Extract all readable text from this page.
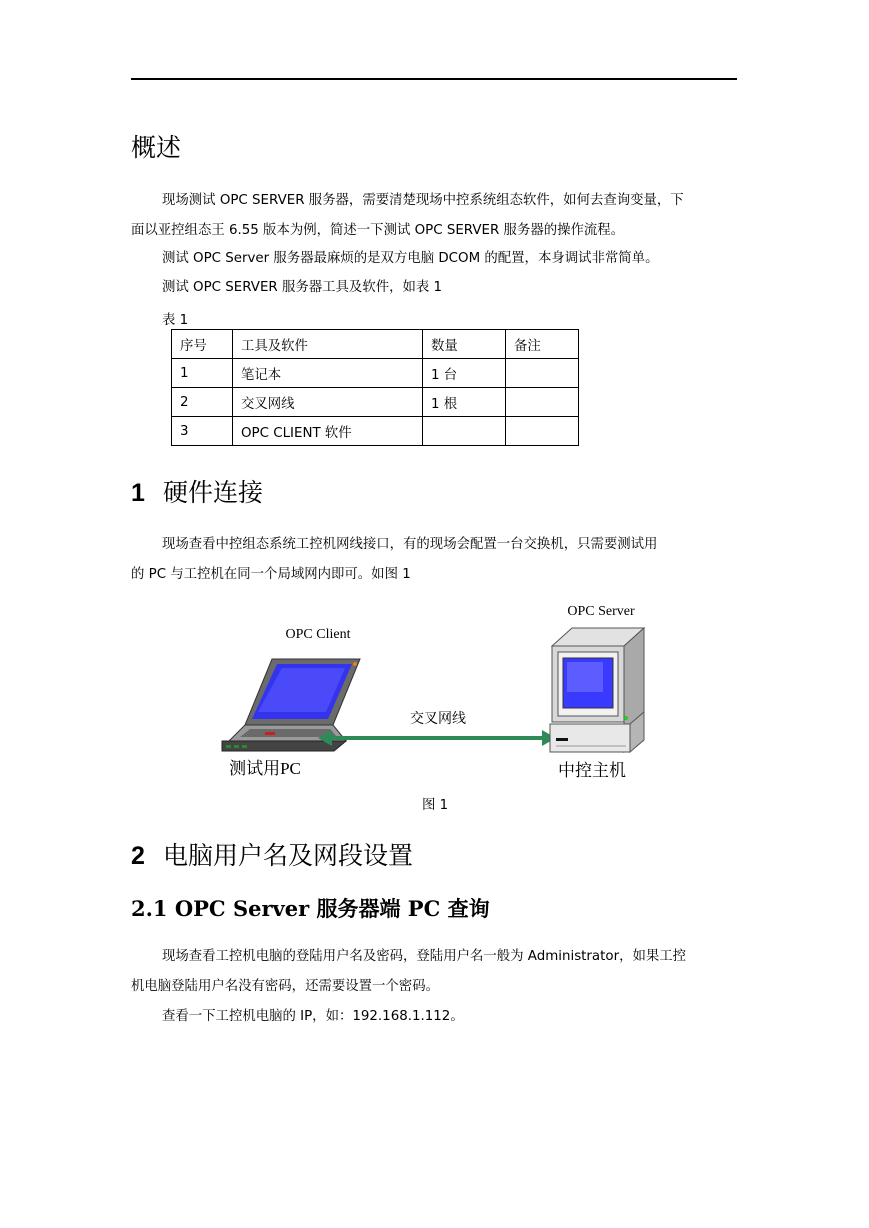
概述
现场测试 OPC SERVER 服务器，需要清楚现场中控系统组态软件，如何去查询变量，下
面以亚控组态王 6.55 版本为例，简述一下测试 OPC SERVER 服务器的操作流程。
测试 OPC Server 服务器最麻烦的是双方电脑 DCOM 的配置，本身调试非常简单。
测试 OPC SERVER 服务器工具及软件，如表 1
表 1
序号	工具及软件	数量	备注
1	笔记本	1 台	
2	交叉网线	1 根	
3	OPC CLIENT 软件		
1 硬件连接
现场查看中控组态系统工控机网线接口，有的现场会配置一台交换机，只需要测试用
的 PC 与工控机在同一个局域网内即可。如图 1
OPC Server
OPC Client
交叉网线
测试用PC	中控主机
图 1
2 电脑用户名及网段设置
2.1 OPC Server 服务器端 PC 查询
现场查看工控机电脑的登陆用户名及密码，登陆用户名一般为 Administrator，如果工控
机电脑登陆用户名没有密码，还需要设置一个密码。
查看一下工控机电脑的 IP，如：192.168.1.112。
